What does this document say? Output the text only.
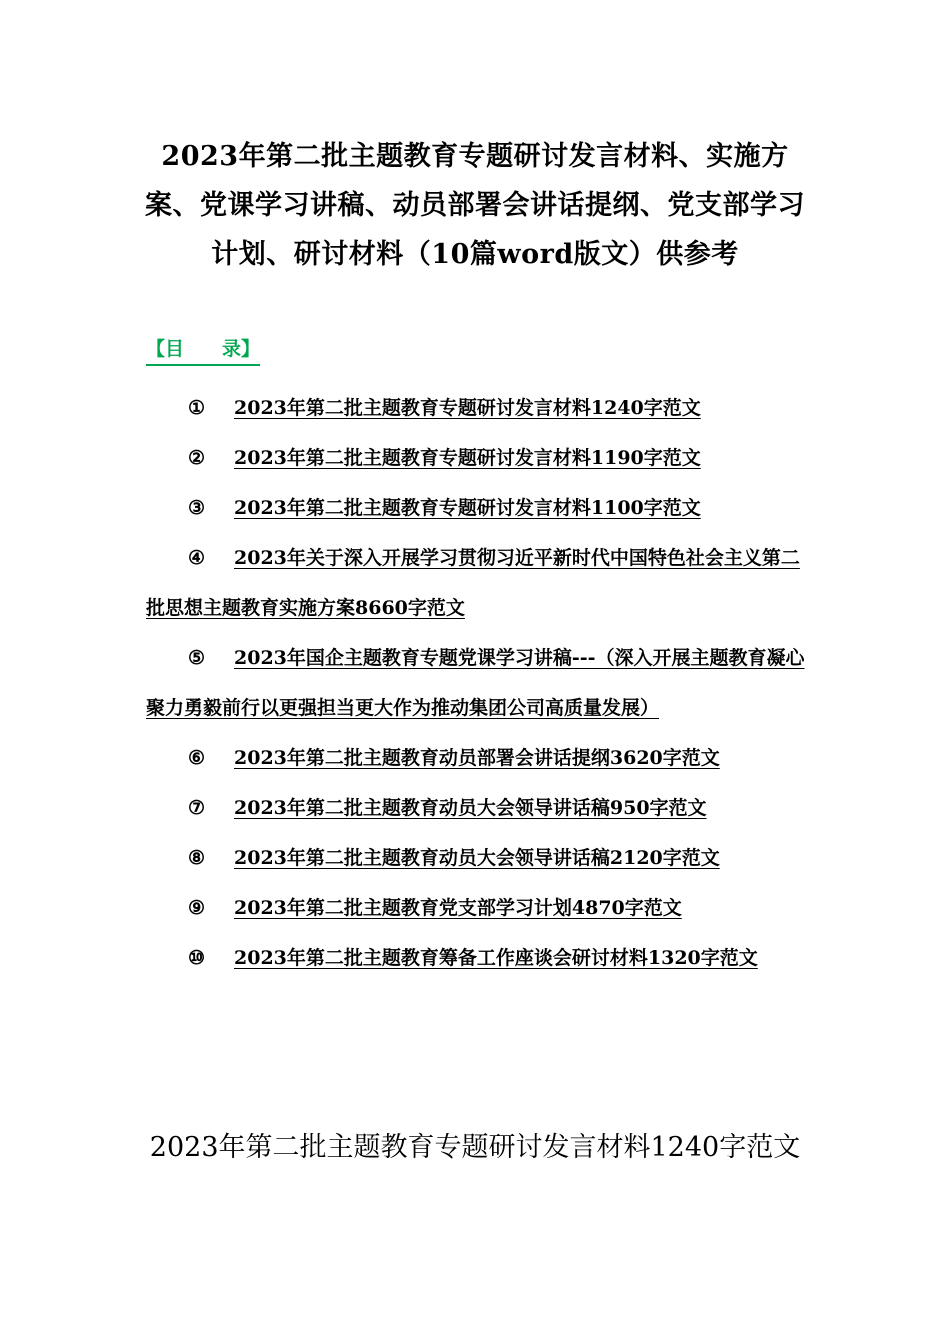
2023年第二批主题教育专题研讨发言材料、实施方案、党课学习讲稿、动员部署会讲话提纲、党支部学习计划、研讨材料（10篇word版文）供参考
【目　　录】
① 2023年第二批主题教育专题研讨发言材料1240字范文
② 2023年第二批主题教育专题研讨发言材料1190字范文
③ 2023年第二批主题教育专题研讨发言材料1100字范文
④ 2023年关于深入开展学习贯彻习近平新时代中国特色社会主义第二批思想主题教育实施方案8660字范文
⑤ 2023年国企主题教育专题党课学习讲稿---（深入开展主题教育凝心聚力勇毅前行以更强担当更大作为推动集团公司高质量发展）
⑥ 2023年第二批主题教育动员部署会讲话提纲3620字范文
⑦ 2023年第二批主题教育动员大会领导讲话稿950字范文
⑧ 2023年第二批主题教育动员大会领导讲话稿2120字范文
⑨ 2023年第二批主题教育党支部学习计划4870字范文
⑩ 2023年第二批主题教育筹备工作座谈会研讨材料1320字范文
2023年第二批主题教育专题研讨发言材料1240字范文
